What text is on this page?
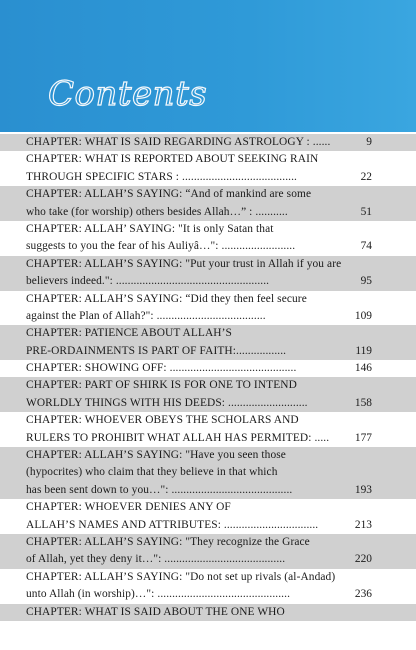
Contents
CHAPTER: WHAT IS SAID REGARDING ASTROLOGY : ......	9
CHAPTER: WHAT IS REPORTED ABOUT SEEKING RAIN
THROUGH SPECIFIC STARS : .......................................	22
CHAPTER: ALLAH’S SAYING: “And of mankind are some
who take (for worship) others besides Allah…” : ...........	51
CHAPTER: ALLAH’ SAYING: "It is only Satan that
suggests to you the fear of his Auliyâ…": .........................	74
CHAPTER: ALLAH’S SAYING: "Put your trust in Allah if you are
believers indeed.": ....................................................	95
CHAPTER: ALLAH’S SAYING: “Did they then feel secure
against the Plan of Allah?": .....................................	109
CHAPTER: PATIENCE ABOUT ALLAH’S
PRE-ORDAINMENTS IS PART OF FAITH:.................	119
CHAPTER: SHOWING OFF: ...........................................	146
CHAPTER: PART OF SHIRK IS FOR ONE TO INTEND
WORLDLY THINGS WITH HIS DEEDS: ...........................	158
CHAPTER: WHOEVER OBEYS THE SCHOLARS AND
RULERS TO PROHIBIT WHAT ALLAH HAS PERMITED: ..... 177
CHAPTER: ALLAH’S SAYING: "Have you seen those
(hypocrites) who claim that they believe in that which
has been sent down to you…": .........................................	193
CHAPTER: WHOEVER DENIES ANY OF
ALLAH’S NAMES AND ATTRIBUTES: ................................	213
CHAPTER: ALLAH’S SAYING: "They recognize the Grace
of Allah, yet they deny it…": .........................................	220
CHAPTER: ALLAH’S SAYING: "Do not set up rivals (al-Andad)
unto Allah (in worship)…": .............................................	236
CHAPTER: WHAT IS SAID ABOUT THE ONE WHO
